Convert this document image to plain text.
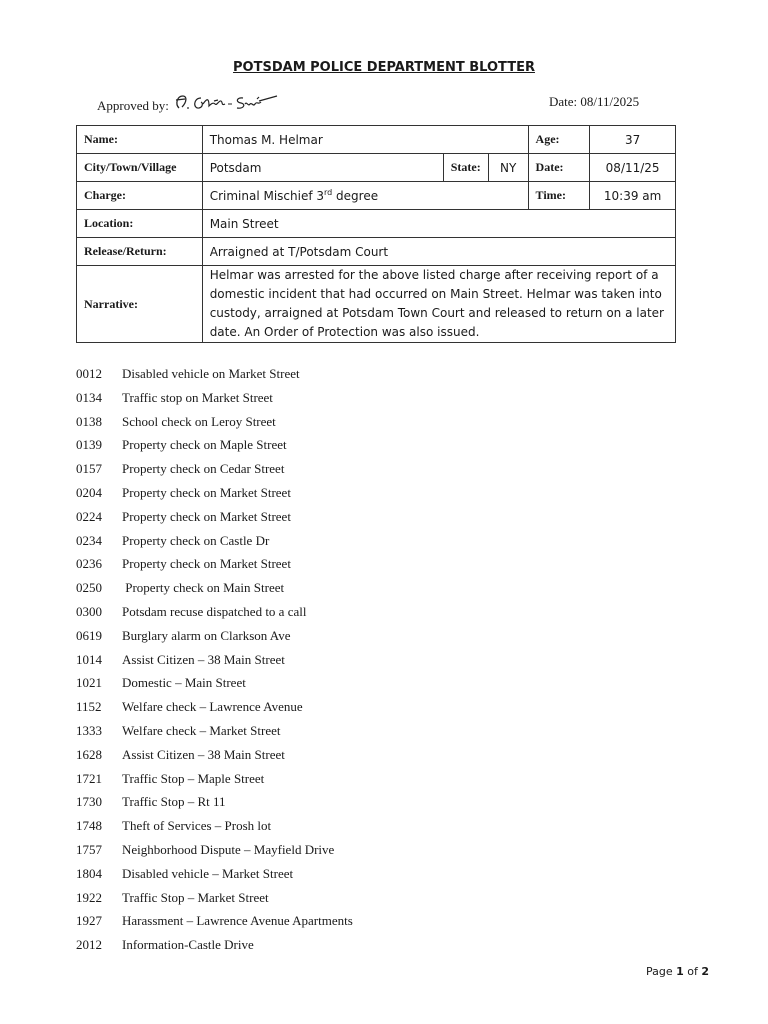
POTSDAM POLICE DEPARTMENT BLOTTER
Approved by:	Date: 08/11/2025
Name:	Thomas M. Helmar			Age:	37
City/Town/Village	Potsdam	State:	NY	Date:	08/11/25
Charge:	Criminal Mischief 3rd degree			Time:	10:39 am
Location:	Main Street				
Release/Return:	Arraigned at T/Potsdam Court				
Narrative:	Helmar was arrested for the above listed charge after receiving report of a
domestic incident that had occurred on Main Street. Helmar was taken into
custody, arraigned at Potsdam Town Court and released to return on a later
date. An Order of Protection was also issued.				
0012	Disabled vehicle on Market Street
0134	Traffic stop on Market Street
0138	School check on Leroy Street
0139	Property check on Maple Street
0157	Property check on Cedar Street
0204	Property check on Market Street
0224	Property check on Market Street
0234	Property check on Castle Dr
0236	Property check on Market Street
0250	Property check on Main Street
0300	Potsdam recuse dispatched to a call
0619	Burglary alarm on Clarkson Ave
1014	Assist Citizen – 38 Main Street
1021	Domestic – Main Street
1152	Welfare check – Lawrence Avenue
1333	Welfare check – Market Street
1628	Assist Citizen – 38 Main Street
1721	Traffic Stop – Maple Street
1730	Traffic Stop – Rt 11
1748	Theft of Services – Prosh lot
1757	Neighborhood Dispute – Mayfield Drive
1804	Disabled vehicle – Market Street
1922	Traffic Stop – Market Street
1927	Harassment – Lawrence Avenue Apartments
2012	Information-Castle Drive
Page 1 of 2
